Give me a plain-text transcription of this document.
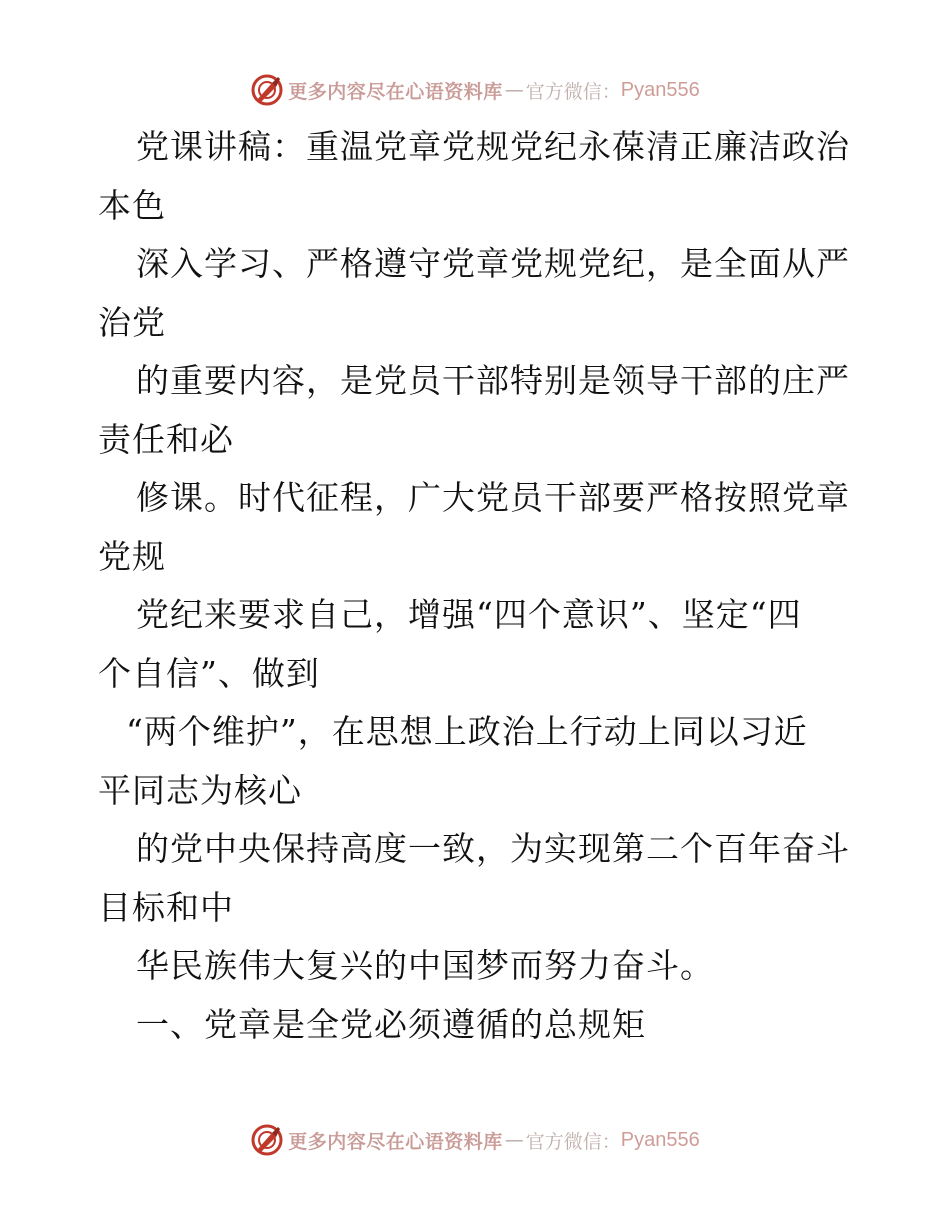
更多内容尽在心语资料库 — 官方微信： Pyan556
党课讲稿：重温党章党规党纪永葆清正廉洁政治
本色
深入学习、严格遵守党章党规党纪，是全面从严
治党
的重要内容，是党员干部特别是领导干部的庄严
责任和必
修课。时代征程，广大党员干部要严格按照党章
党规
党纪来要求自己，增强“四个意识”、坚定“四
个自信”、做到
“两个维护”，在思想上政治上行动上同以习近
平同志为核心
的党中央保持高度一致，为实现第二个百年奋斗
目标和中
华民族伟大复兴的中国梦而努力奋斗。
一、党章是全党必须遵循的总规矩
更多内容尽在心语资料库 — 官方微信： Pyan556
